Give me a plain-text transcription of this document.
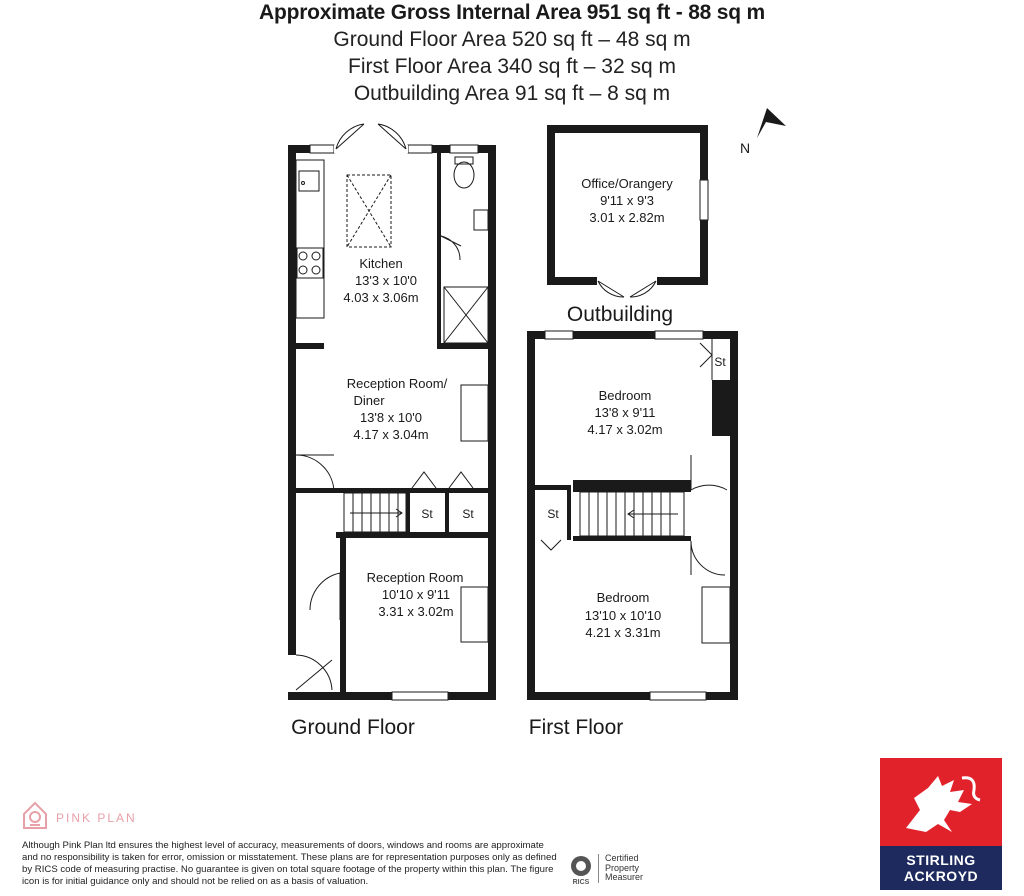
Approximate Gross Internal Area 951 sq ft - 88 sq m
Ground Floor Area 520 sq ft – 48 sq m
First Floor Area 340 sq ft – 32 sq m
Outbuilding Area 91 sq ft – 8 sq m
Kitchen
13'3 x 10'0
4.03 x 3.06m
Reception Room/
Diner
13'8 x 10'0
4.17 x 3.04m
St St
Reception Room
10'10 x 9'11
3.31 x 3.02m
Ground Floor
Office/Orangery
9'11 x 9'3
3.01 x 2.82m
Outbuilding
N
St
Bedroom
13'8 x 9'11
4.17 x 3.02m
St
Bedroom
13'10 x 10'10
4.21 x 3.31m
First Floor
PINK PLAN
Although Pink Plan ltd ensures the highest level of accuracy, measurements of doors, windows and rooms are approximate and no responsibility is taken for error, omission or misstatement. These plans are for representation purposes only as defined by RICS code of measuring practise. No guarantee is given on total square footage of the property within this plan. The figure icon is for initial guidance only and should not be relied on as a basis of valuation.	RICS
Certified
Property
Measurer
STIRLING
ACKROYD
